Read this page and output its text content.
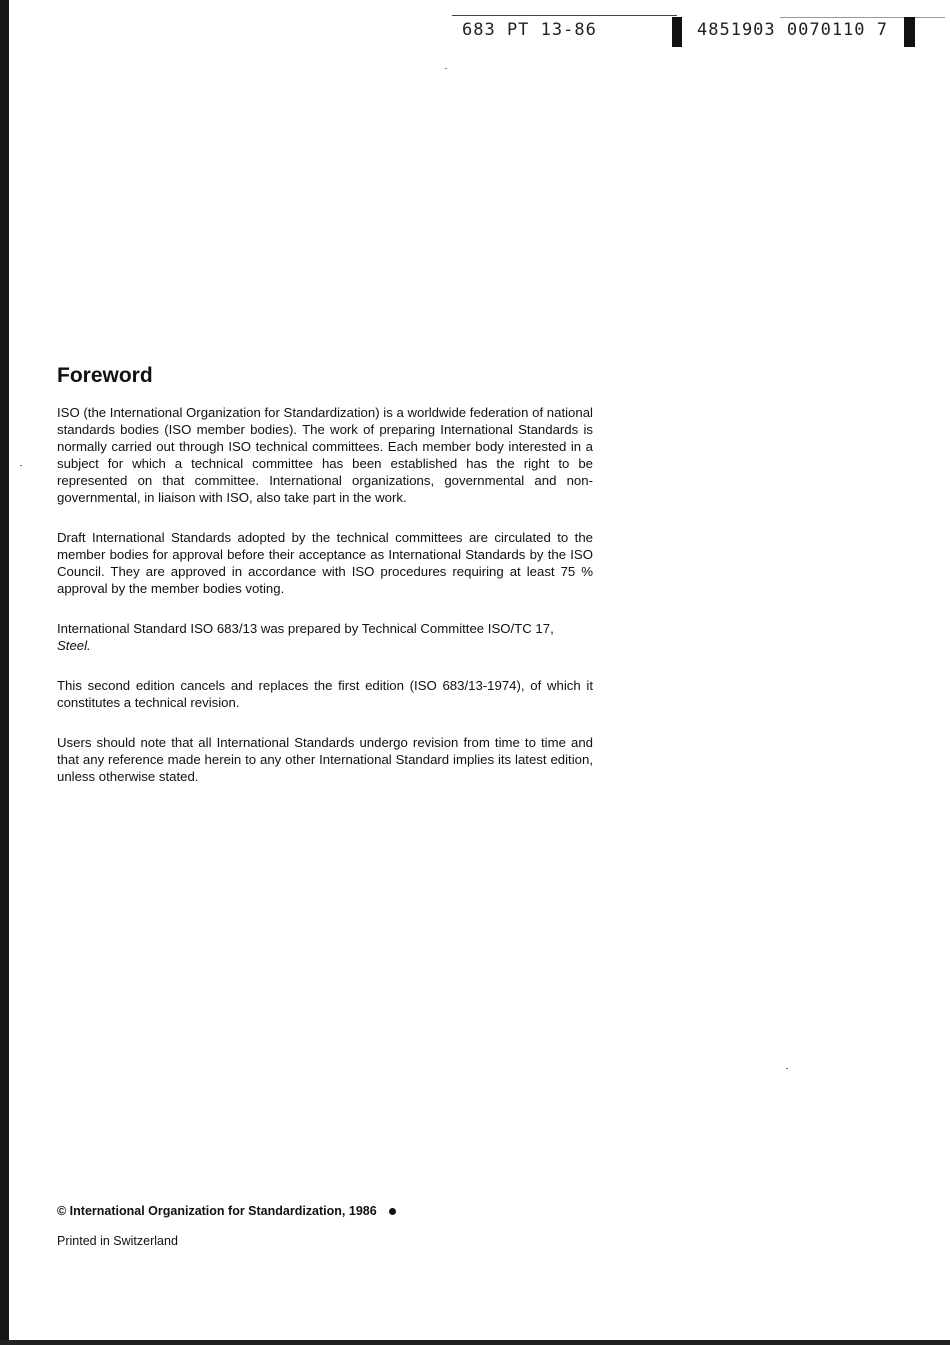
683 PT 13-86	4851903 0070110 7
Foreword

ISO (the International Organization for Standardization) is a worldwide federation of national standards bodies (ISO member bodies). The work of preparing International Standards is normally carried out through ISO technical committees. Each member body interested in a subject for which a technical committee has been established has the right to be represented on that committee. International organizations, governmental and non-governmental, in liaison with ISO, also take part in the work.

Draft International Standards adopted by the technical committees are circulated to the member bodies for approval before their acceptance as International Standards by the ISO Council. They are approved in accordance with ISO procedures requiring at least 75 % approval by the member bodies voting.

International Standard ISO 683/13 was prepared by Technical Committee ISO/TC 17,
Steel.

This second edition cancels and replaces the first edition (ISO 683/13-1974), of which it constitutes a technical revision.

Users should note that all International Standards undergo revision from time to time and that any reference made herein to any other International Standard implies its latest edition, unless otherwise stated.

© International Organization for Standardization, 1986
Printed in Switzerland
